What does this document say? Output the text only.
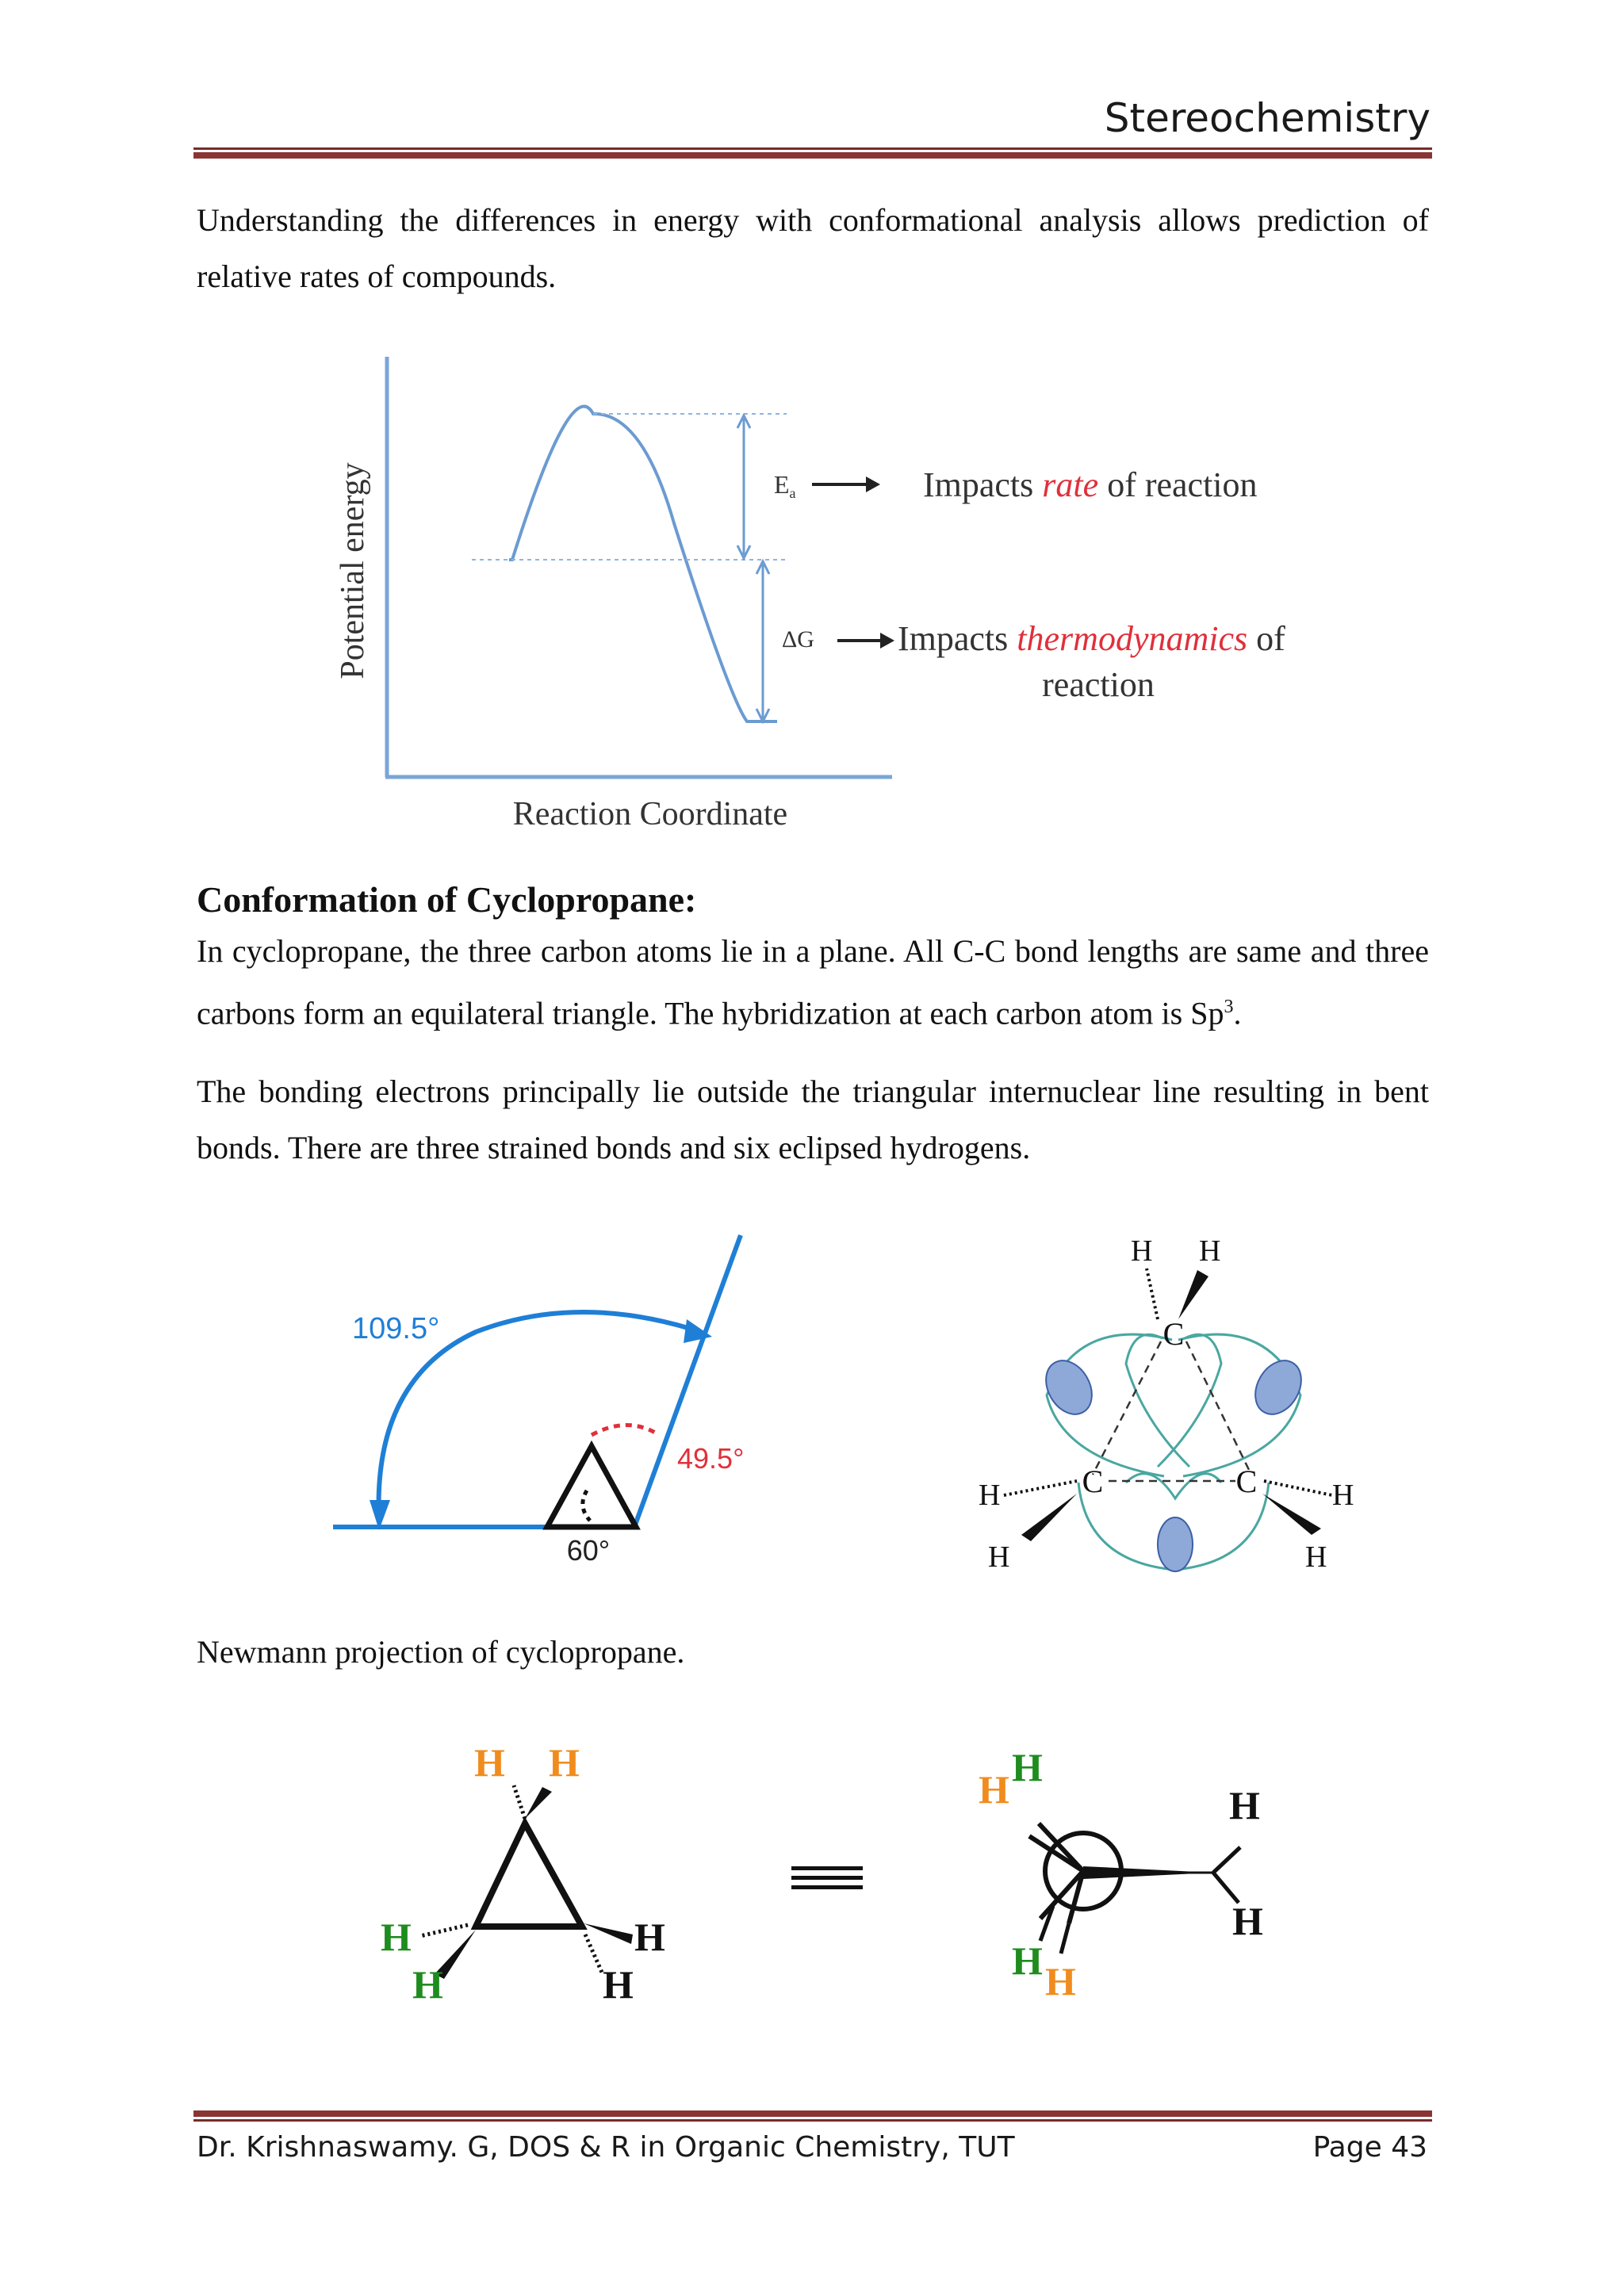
Stereochemistry
Understanding the differences in energy with conformational analysis allows prediction of relative rates of compounds.
Potential energy	Ea	Impacts rate of reaction
ΔG Impacts thermodynamics of
reaction
Reaction Coordinate
Conformation of Cyclopropane:
In cyclopropane, the three carbon atoms lie in a plane. All C-C bond lengths are same and three carbons form an equilateral triangle. The hybridization at each carbon atom is Sp$^3$.
The bonding electrons principally lie outside the triangular internuclear line resulting in bent bonds. There are three strained bonds and six eclipsed hydrogens.
109.5°
49.5°
60°
C
C	C
H H
H
H
H
H
Newmann projection of cyclopropane.
H H
H
H
H
H
H
H	H
H
H H
Dr. Krishnaswamy. G, DOS & R in Organic Chemistry, TUT	Page 43
